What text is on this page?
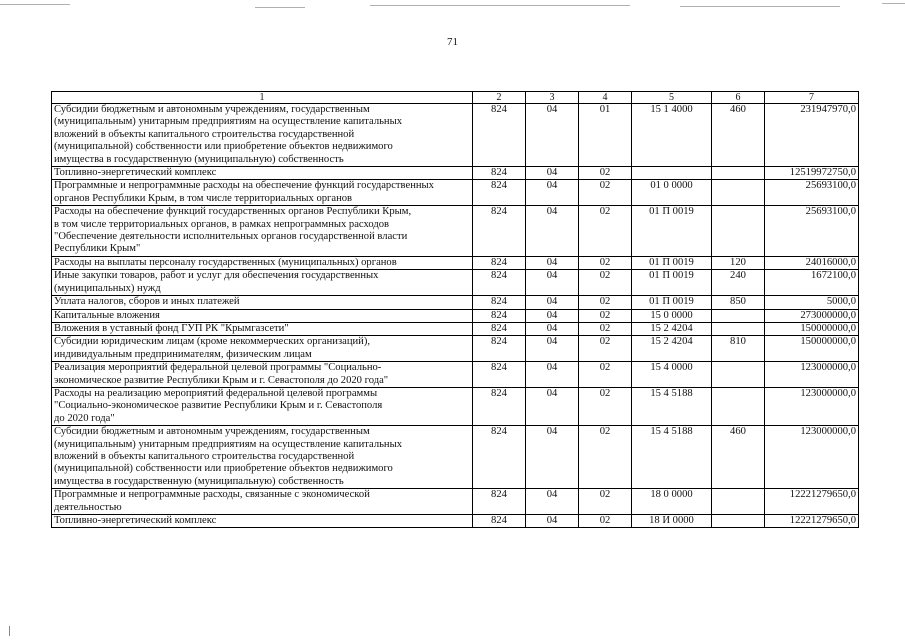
71
1	2	3	4	5	6	7
Субсидии бюджетным и автономным учреждениям, государственным
(муниципальным) унитарным предприятиям на осуществление капитальных
вложений в объекты капитального строительства государственной
(муниципальной) собственности или приобретение объектов недвижимого
имущества в государственную (муниципальную) собственность	824	04	01	15 1 4000	460	231947970,0
Топливно-энергетический комплекс	824	04	02			12519972750,0
Программные и непрограммные расходы на обеспечение функций государственных
органов Республики Крым, в том числе территориальных органов	824	04	02	01 0 0000		25693100,0
Расходы на обеспечение функций государственных органов Республики Крым,
в том числе территориальных органов, в рамках непрограммных расходов
"Обеспечение деятельности исполнительных органов государственной власти
Республики Крым"	824	04	02	01 П 0019		25693100,0
Расходы на выплаты персоналу государственных (муниципальных) органов	824	04	02	01 П 0019	120	24016000,0
Иные закупки товаров, работ и услуг для обеспечения государственных
(муниципальных) нужд	824	04	02	01 П 0019	240	1672100,0
Уплата налогов, сборов и иных платежей	824	04	02	01 П 0019	850	5000,0
Капитальные вложения	824	04	02	15 0 0000		273000000,0
Вложения в уставный фонд ГУП РК "Крымгазсети"	824	04	02	15 2 4204		150000000,0
Субсидии юридическим лицам (кроме некоммерческих организаций),
индивидуальным предпринимателям, физическим лицам	824	04	02	15 2 4204	810	150000000,0
Реализация мероприятий федеральной целевой программы "Социально-
экономическое развитие Республики Крым и г. Севастополя до 2020 года"	824	04	02	15 4 0000		123000000,0
Расходы на реализацию мероприятий федеральной целевой программы
"Социально-экономическое развитие Республики Крым и г. Севастополя
до 2020 года"	824	04	02	15 4 5188		123000000,0
Субсидии бюджетным и автономным учреждениям, государственным
(муниципальным) унитарным предприятиям на осуществление капитальных
вложений в объекты капитального строительства государственной
(муниципальной) собственности или приобретение объектов недвижимого
имущества в государственную (муниципальную) собственность	824	04	02	15 4 5188	460	123000000,0
Программные и непрограммные расходы, связанные с экономической
деятельностью	824	04	02	18 0 0000		12221279650,0
Топливно-энергетический комплекс	824	04	02	18 И 0000		12221279650,0
